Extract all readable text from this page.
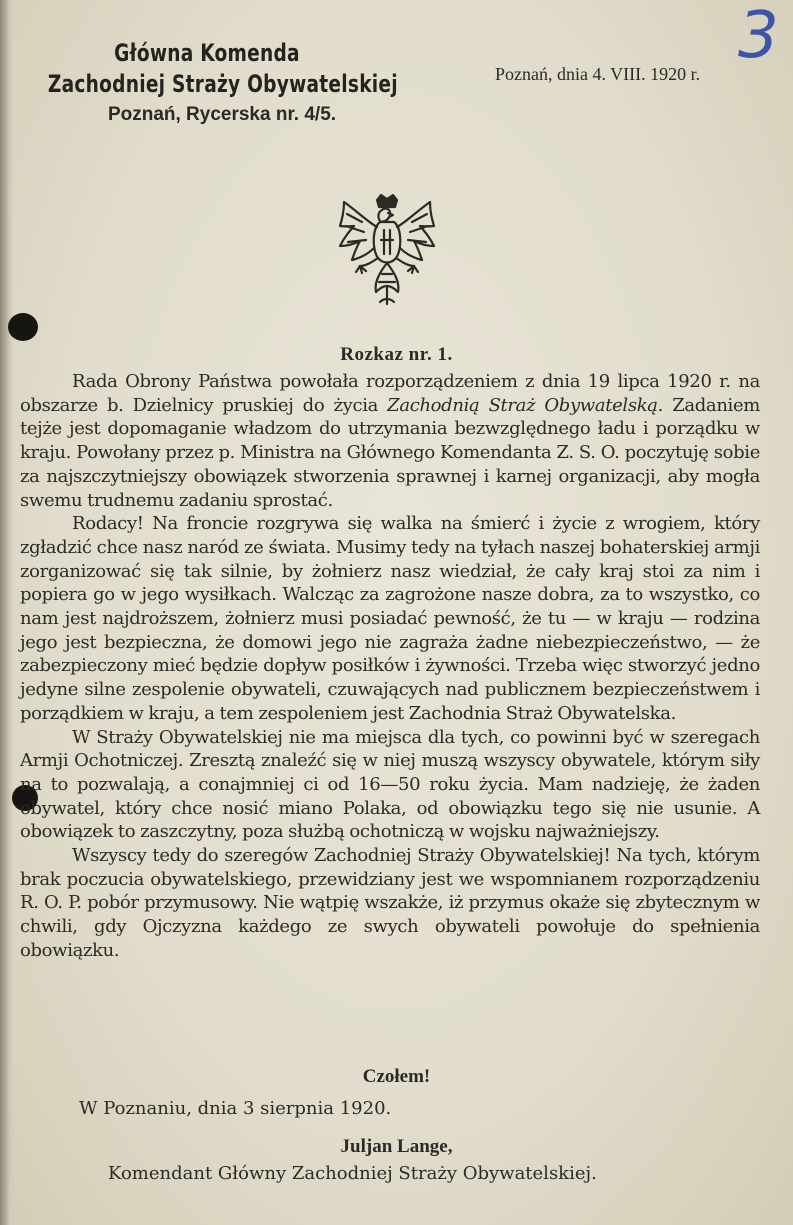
Główna Komenda
Zachodniej Straży Obywatelskiej
Poznań, Rycerska nr. 4/5.
Poznań, dnia 4. VIII. 1920 r.
3
Rozkaz nr. 1.

Rada Obrony Państwa powołała rozporządzeniem z dnia 19 lipca 1920 r. na obszarze b. Dzielnicy pruskiej do życia Zachodnią Straż Obywatelską. Zadaniem tejże jest dopomaganie władzom do utrzymania bezwzględnego ładu i porządku w kraju. Powołany przez p. Ministra na Głównego Komendanta Z. S. O. poczytuję sobie za najszczytniejszy obowiązek stworzenia sprawnej i karnej organizacji, aby mogła swemu trudnemu zadaniu sprostać.

Rodacy! Na froncie rozgrywa się walka na śmierć i życie z wrogiem, który zgładzić chce nasz naród ze świata. Musimy tedy na tyłach naszej bohaterskiej armji zorganizować się tak silnie, by żołnierz nasz wiedział, że cały kraj stoi za nim i popiera go w jego wysiłkach. Walcząc za zagrożone nasze dobra, za to wszystko, co nam jest najdroższem, żołnierz musi posiadać pewność, że tu — w kraju — rodzina jego jest bezpieczna, że domowi jego nie zagraża żadne niebezpieczeństwo, — że zabezpieczony mieć będzie dopływ posiłków i żywności. Trzeba więc stworzyć jedno jedyne silne zespolenie obywateli, czuwających nad publicznem bezpieczeństwem i porządkiem w kraju, a tem zespoleniem jest Zachodnia Straż Obywatelska.

W Straży Obywatelskiej nie ma miejsca dla tych, co powinni być w szeregach Armji Ochotniczej. Zresztą znaleźć się w niej muszą wszyscy obywatele, którym siły na to pozwalają, a conajmniej ci od 16—50 roku życia. Mam nadzieję, że żaden obywatel, który chce nosić miano Polaka, od obowiązku tego się nie usunie. A obowiązek to zaszczytny, poza służbą ochotniczą w wojsku najważniejszy.

Wszyscy tedy do szeregów Zachodniej Straży Obywatelskiej! Na tych, którym brak poczucia obywatelskiego, przewidziany jest we wspomnianem rozporządzeniu R. O. P. pobór przymusowy. Nie wątpię wszakże, iż przymus okaże się zbytecznym w chwili, gdy Ojczyzna każdego ze swych obywateli powołuje do spełnienia obowiązku.

Czołem!
W Poznaniu, dnia 3 sierpnia 1920.
Juljan Lange,
Komendant Główny Zachodniej Straży Obywatelskiej.
